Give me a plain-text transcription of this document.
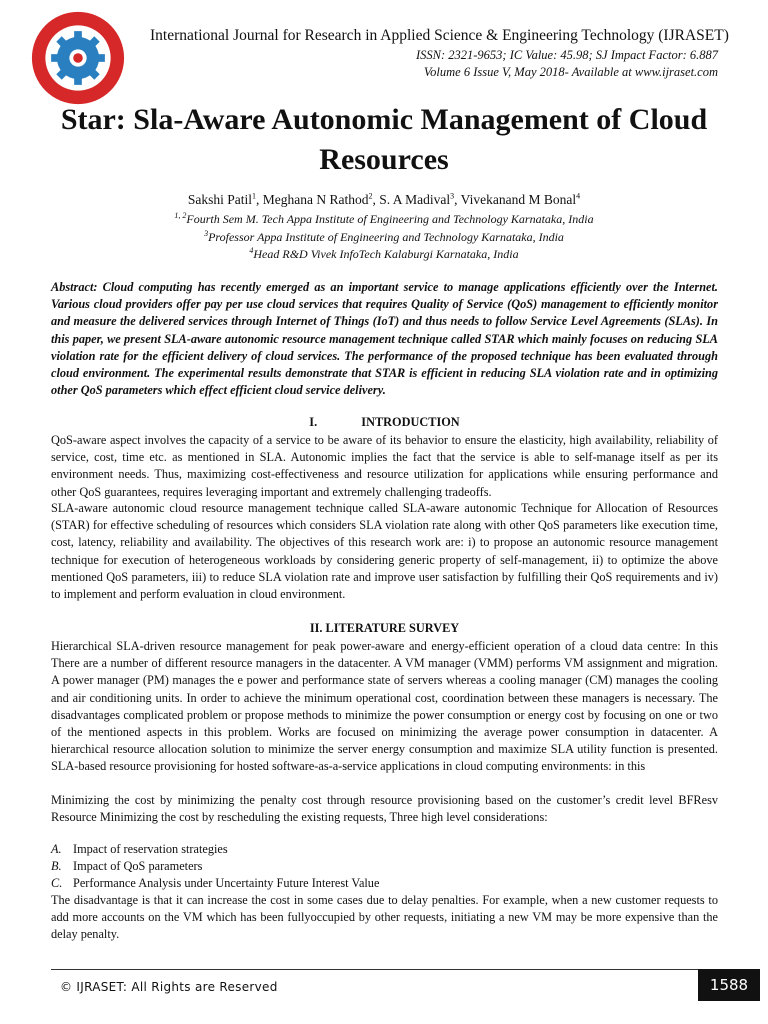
International Journal for Research in Applied Science & Engineering Technology (IJRASET)
ISSN: 2321-9653; IC Value: 45.98; SJ Impact Factor: 6.887
Volume 6 Issue V, May 2018- Available at www.ijraset.com
Star: Sla-Aware Autonomic Management of Cloud Resources
Sakshi Patil$^1$, Meghana N Rathod$^2$, S. A Madival$^3$, Vivekanand M Bonal$^4$
$^{1, 2}$Fourth Sem M. Tech Appa Institute of Engineering and Technology Karnataka, India
$^3$Professor Appa Institute of Engineering and Technology Karnataka, India
$^4$Head R&D Vivek InfoTech Kalaburgi Karnataka, India

Abstract: Cloud computing has recently emerged as an important service to manage applications efficiently over the Internet. Various cloud providers offer pay per use cloud services that requires Quality of Service (QoS) management to efficiently monitor and measure the delivered services through Internet of Things (IoT) and thus needs to follow Service Level Agreements (SLAs). In this paper, we present SLA-aware autonomic resource management technique called STAR which mainly focuses on reducing SLA violation rate for the efficient delivery of cloud services. The performance of the proposed technique has been evaluated through cloud environment. The experimental results demonstrate that STAR is efficient in reducing SLA violation rate and in optimizing other QoS parameters which effect efficient cloud service delivery.

I.	INTRODUCTION

QoS-aware aspect involves the capacity of a service to be aware of its behavior to ensure the elasticity, high availability, reliability of service, cost, time etc. as mentioned in SLA. Autonomic implies the fact that the service is able to self-manage itself as per its environment needs. Thus, maximizing cost-effectiveness and resource utilization for applications while ensuring performance and other QoS guarantees, requires leveraging important and extremely challenging tradeoffs.

SLA-aware autonomic cloud resource management technique called SLA-aware autonomic Technique for Allocation of Resources (STAR) for effective scheduling of resources which considers SLA violation rate along with other QoS parameters like execution time, cost, latency, reliability and availability. The objectives of this research work are: i) to propose an autonomic resource management technique for execution of heterogeneous workloads by considering generic property of self-management, ii) to optimize the above mentioned QoS parameters, iii) to reduce SLA violation rate and improve user satisfaction by fulfilling their QoS requirements and iv) to implement and perform evaluation in cloud environment.

II. LITERATURE SURVEY

Hierarchical SLA-driven resource management for peak power-aware and energy-efficient operation of a cloud data centre: In this There are a number of different resource managers in the datacenter. A VM manager (VMM) performs VM assignment and migration. A power manager (PM) manages the e power and performance state of servers whereas a cooling manager (CM) manages the cooling and air conditioning units. In order to achieve the minimum operational cost, coordination between these managers is necessary. The disadvantages complicated problem or propose methods to minimize the power consumption or energy cost by focusing on one or two of the mentioned aspects in this problem. Works are focused on minimizing the average power consumption in datacenter. A hierarchical resource allocation solution to minimize the server energy consumption and maximize SLA utility function is presented. SLA-based resource provisioning for hosted software-as-a-service applications in cloud computing environments: in this

Minimizing the cost by minimizing the penalty cost through resource provisioning based on the customer’s credit level BFResv Resource Minimizing the cost by rescheduling the existing requests, Three high level considerations:

A. Impact of reservation strategies
B. Impact of QoS parameters
C. Performance Analysis under Uncertainty Future Interest Value

The disadvantage is that it can increase the cost in some cases due to delay penalties. For example, when a new customer requests to add more accounts on the VM which has been fullyoccupied by other requests, initiating a new VM may be more expensive than the delay penalty.

© IJRASET: All Rights are Reserved	1588
